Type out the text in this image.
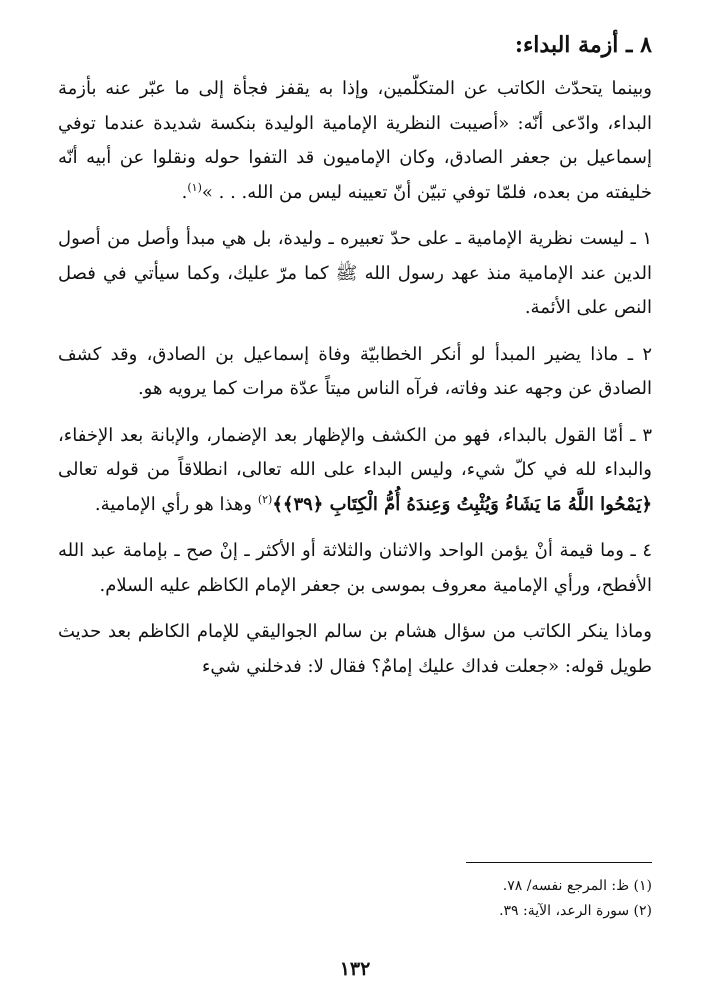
٨ ـ أزمة البداء:

وبينما يتحدّث الكاتب عن المتكلّمين، وإذا به يقفز فجأة إلى ما عبّر عنه بأزمة البداء، وادّعى أنّه: «أصيبت النظرية الإمامية الوليدة بنكسة شديدة عندما توفي إسماعيل بن جعفر الصادق، وكان الإماميون قد التفوا حوله ونقلوا عن أبيه أنّه خليفته من بعده، فلمّا توفي تبيّن أنّ تعيينه ليس من الله. . . »$^{(١)}$.

١ ـ ليست نظرية الإمامية ـ على حدّ تعبيره ـ وليدة، بل هي مبدأ وأصل من أصول الدين عند الإمامية منذ عهد رسول الله ﷺ كما مرّ عليك، وكما سيأتي في فصل النص على الأئمة.

٢ ـ ماذا يضير المبدأ لو أنكر الخطابيّة وفاة إسماعيل بن الصادق، وقد كشف الصادق عن وجهه عند وفاته، فرآه الناس ميتاً عدّة مرات كما يرويه هو.

٣ ـ أمّا القول بالبداء، فهو من الكشف والإظهار بعد الإضمار، والإبانة بعد الإخفاء، والبداء لله في كلّ شيء، وليس البداء على الله تعالى، انطلاقاً من قوله تعالى ﴿يَمْحُوا اللَّهُ مَا يَشَاءُ وَيُثْبِتُ وَعِندَهُ أُمُّ الْكِتَابِ ﴿٣٩﴾﴾$^{(٢)}$ وهذا هو رأي الإمامية.

٤ ـ وما قيمة أنْ يؤمن الواحد والاثنان والثلاثة أو الأكثر ـ إنْ صح ـ بإمامة عبد الله الأفطح، ورأي الإمامية معروف بموسى بن جعفر الإمام الكاظم عليه السلام.

وماذا ينكر الكاتب من سؤال هشام بن سالم الجواليقي للإمام الكاظم بعد حديث طويل قوله: «جعلت فداك عليك إمامٌ؟ فقال لا: فدخلني شيء

(١) ظ: المرجع نفسه/ ٧٨.

(٢) سورة الرعد، الآية: ٣٩.

١٣٢
